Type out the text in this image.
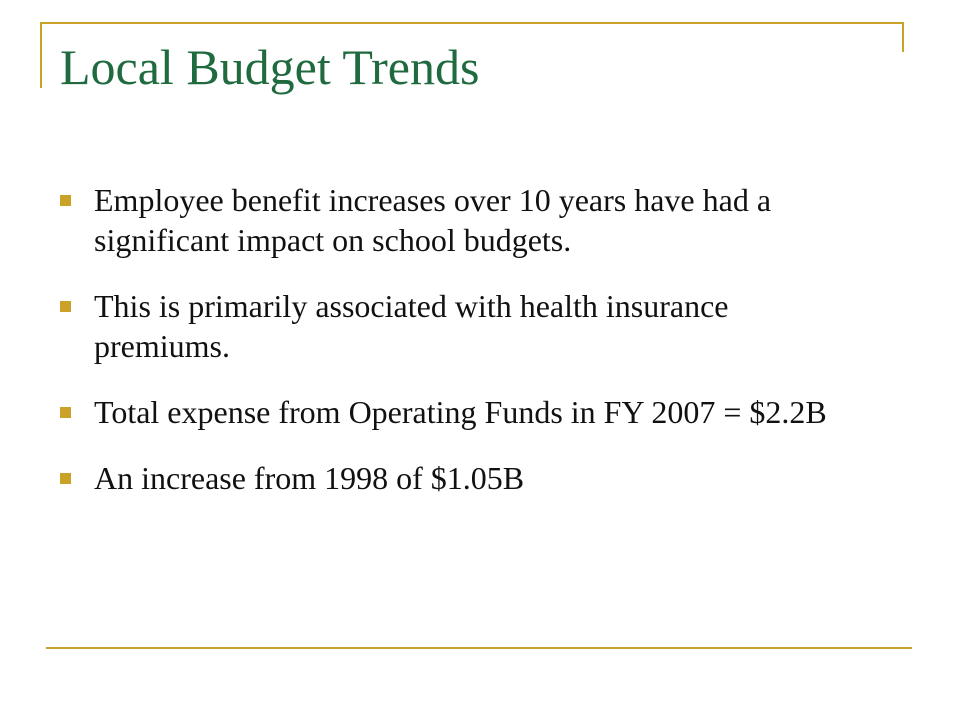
Local Budget Trends
Employee benefit increases over 10 years have had a significant impact on school budgets.
This is primarily associated with health insurance premiums.
Total expense from Operating Funds in FY 2007 = $2.2B
An increase from 1998 of $1.05B
